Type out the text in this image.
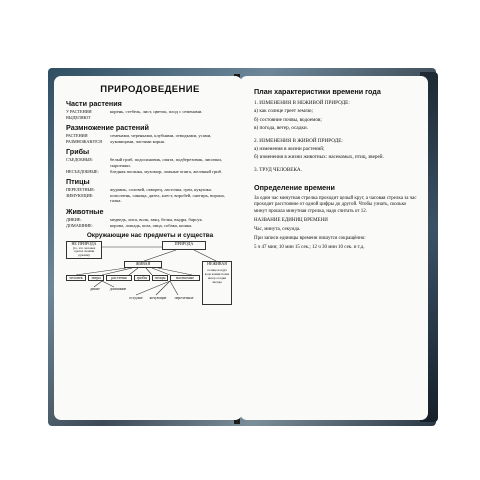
ПРИРОДОВЕДЕНИЕ
Части растения
У РАСТЕНИЯ ВЫДЕЛЯЮТ
корень, стебель, лист, цветок, плод с семенами.
Размножение растений
РАСТЕНИЯ РАЗМНОЖАЮТСЯ
семенами, черенками, клубнями, отводками, усами, луковицами, частями корня.
Грибы
СЪЕДОБНЫЕ:	белый гриб, подосиновик, опята, подберезовик, лисички, сыроежки.
НЕСЪЕДОБНЫЕ:	бледная поганка, мухомор, ложные опята, желчный гриб.
Птицы
ПЕРЕЛЕТНЫЕ:	журавль, соловей, скворец, ласточка, грач, кукушка.
ЗИМУЮЩИЕ:	поползень, синица, дятел, клест, воробей, снегирь, ворона, галка.
Животные
ДИКИЕ:	медведь, лиса, волк, заяц, белка, выдра, барсук.
ДОМАШНИЕ:	корова, лошадь, коза, овца, собака, кошка.
Окружающие нас предметы и существа
ПРИРОДА
НЕ ПРИРОДА
(то, что человек сделал своими руками)
ЖИВАЯ	НЕЖИВАЯ
солнце воздух вода камни почва ветер осадки звезды
человек	звери	растения	грибы	птицы	насекомые
дикие	домашние
оседлые	кочующие	перелетные
План характеристики времени года
1. ИЗМЕНЕНИЯ В НЕЖИВОЙ ПРИРОДЕ:
а) как солнце греет землю;
б) состояние почвы, водоемов;
в) погода, ветер, осадки.
2. ИЗМЕНЕНИЯ В ЖИВОЙ ПРИРОДЕ:
а) изменения в жизни растений;
б) изменения в жизни животных: насекомых, птиц, зверей.
3. ТРУД ЧЕЛОВЕКА.
Определение времени
За один час минутная стрелка проходит целый круг, а часовая стрелка за час проходит расстояние от одной цифры до другой. Чтобы узнать, сколько минут прошла минутная стрелка, надо считать от 12.
НАЗВАНИЕ ЕДИНИЦ ВРЕМЕНИ
Час, минута, секунда.
При записи единицы времени пишутся сокращённо:
5 ч 47 мин; 10 мин 15 сек.; 12 ч 30 мин 10 сек. и т.д.
